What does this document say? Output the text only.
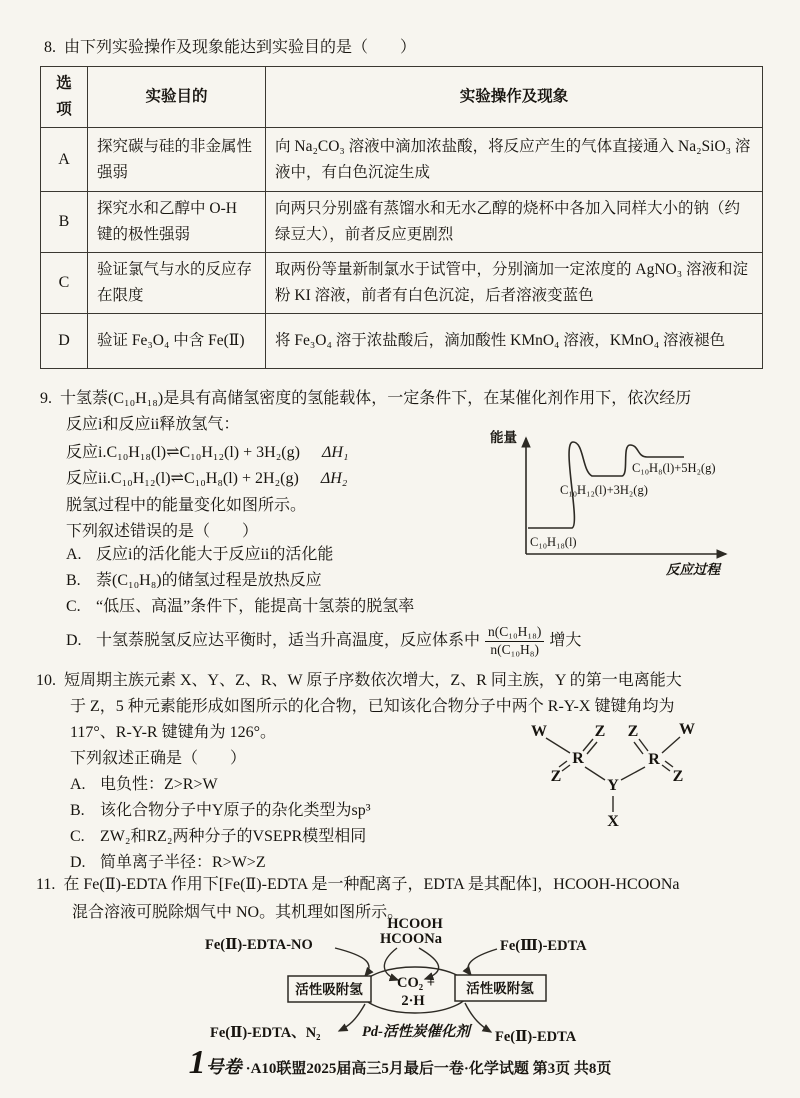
8. 由下列实验操作及现象能达到实验目的是（　　）
选项	实验目的	实验操作及现象
A	探究碳与硅的非金属性强弱	向 Na₂CO₃ 溶液中滴加浓盐酸，将反应产生的气体直接通入 Na₂SiO₃ 溶液中，有白色沉淀生成
B	探究水和乙醇中 O-H 键的极性强弱	向两只分别盛有蒸馏水和无水乙醇的烧杯中各加入同样大小的钠（约绿豆大），前者反应更剧烈
C	验证氯气与水的反应存在限度	取两份等量新制氯水于试管中，分别滴加一定浓度的 AgNO₃ 溶液和淀粉 KI 溶液，前者有白色沉淀，后者溶液变蓝色
D	验证 Fe₃O₄ 中含 Fe(Ⅱ)	将 Fe₃O₄ 溶于浓盐酸后，滴加酸性 KMnO₄ 溶液，KMnO₄ 溶液褪色
9. 十氢萘(C₁₀H₁₈)是具有高储氢密度的氢能载体，一定条件下，在某催化剂作用下，依次经历
反应i和反应ii释放氢气：
反应i.C₁₀H₁₈(l)⇌C₁₀H₁₂(l) + 3H₂(g) ΔH₁
反应ii.C₁₀H₁₂(l)⇌C₁₀H₈(l) + 2H₂(g) ΔH₂
脱氢过程中的能量变化如图所示。
下列叙述错误的是（　　）
A. 反应i的活化能大于反应ii的活化能
B. 萘(C₁₀H₈)的储氢过程是放热反应
C. “低压、高温”条件下，能提高十氢萘的脱氢率
D. 十氢萘脱氢反应达平衡时，适当升高温度，反应体系中 $\frac{\text{n(C₁₀H₁₈)}}{\text{n(C₁₀H₈)}}$ 增大
能量
反应过程
C₁₀H₁₈(l)
C₁₀H₁₂(l)+3H₂(g)
C₁₀H₈(l)+5H₂(g)
10. 短周期主族元素 X、Y、Z、R、W 原子序数依次增大，Z、R 同主族，Y 的第一电离能大
于 Z，5 种元素能形成如图所示的化合物，已知该化合物分子中两个 R-Y-X 键键角均为
117°、R-Y-R 键键角为 126°。
下列叙述正确是（　　）
A. 电负性：Z>R>W
B. 该化合物分子中Y原子的杂化类型为sp³
C. ZW₂和RZ₂两种分子的VSEPR模型相同
D. 简单离子半径：R>W>Z
W	Z
R
Z
Y
X
Z	W
R
Z
11. 在 Fe(Ⅱ)-EDTA 作用下[Fe(Ⅱ)-EDTA 是一种配离子，EDTA 是其配体]，HCOOH-HCOONa
混合溶液可脱除烟气中 NO。其机理如图所示。
HCOOH
HCOONa
Fe(Ⅱ)-EDTA-NO	Fe(Ⅲ)-EDTA
活性吸附氢	活性吸附氢
CO₂ +
2·H
Pd-活性炭催化剂
Fe(Ⅱ)-EDTA、N₂	Fe(Ⅱ)-EDTA
1 号卷 ·A10联盟2025届高三5月最后一卷·化学试题 第3页 共8页
